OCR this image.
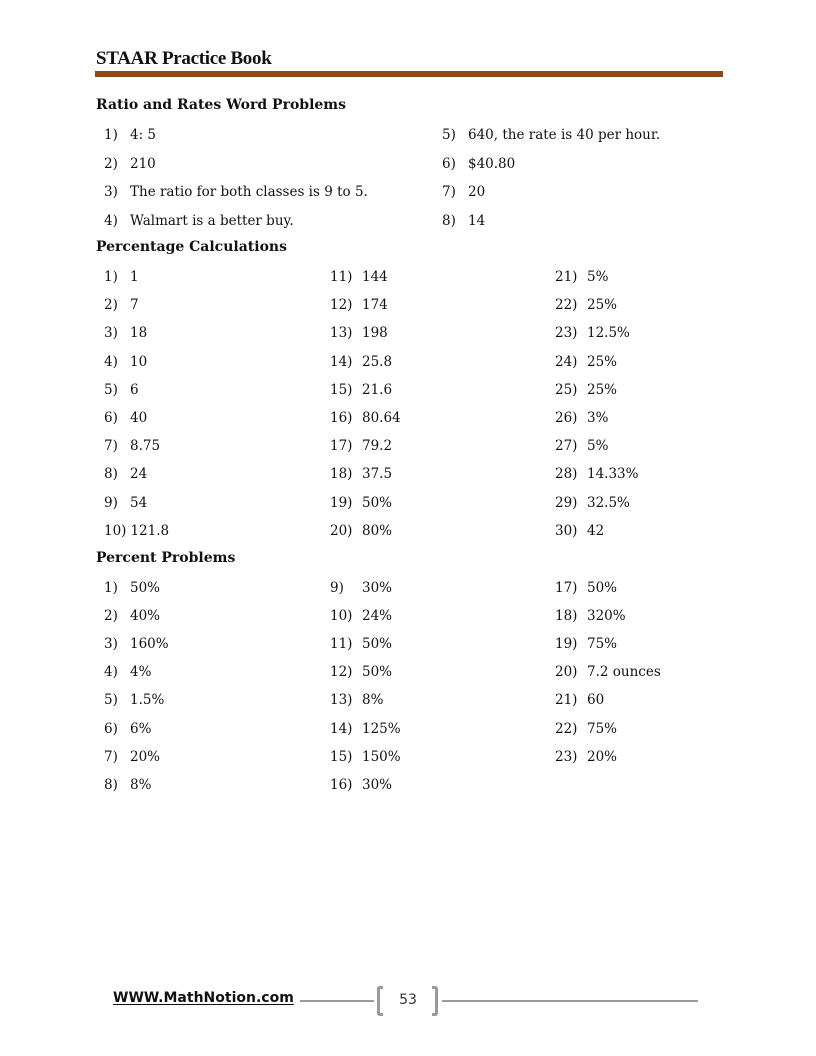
STAAR Practice Book
Ratio and Rates Word Problems
1) 4: 5
2) 210
3) The ratio for both classes is 9 to 5.
4) Walmart is a better buy.
5) 640, the rate is 40 per hour.
6) $40.80
7) 20
8) 14
Percentage Calculations
1) 1
2) 7
3) 18
4) 10
5) 6
6) 40
7) 8.75
8) 24
9) 54
10) 121.8
11) 144
12) 174
13) 198
14) 25.8
15) 21.6
16) 80.64
17) 79.2
18) 37.5
19) 50%
20) 80%
21) 5%
22) 25%
23) 12.5%
24) 25%
25) 25%
26) 3%
27) 5%
28) 14.33%
29) 32.5%
30) 42
Percent Problems
1) 50%
2) 40%
3) 160%
4) 4%
5) 1.5%
6) 6%
7) 20%
8) 8%
9) 30%
10) 24%
11) 50%
12) 50%
13) 8%
14) 125%
15) 150%
16) 30%
17) 50%
18) 320%
19) 75%
20) 7.2 ounces
21) 60
22) 75%
23) 20%
WWW.MathNotion.com	53
